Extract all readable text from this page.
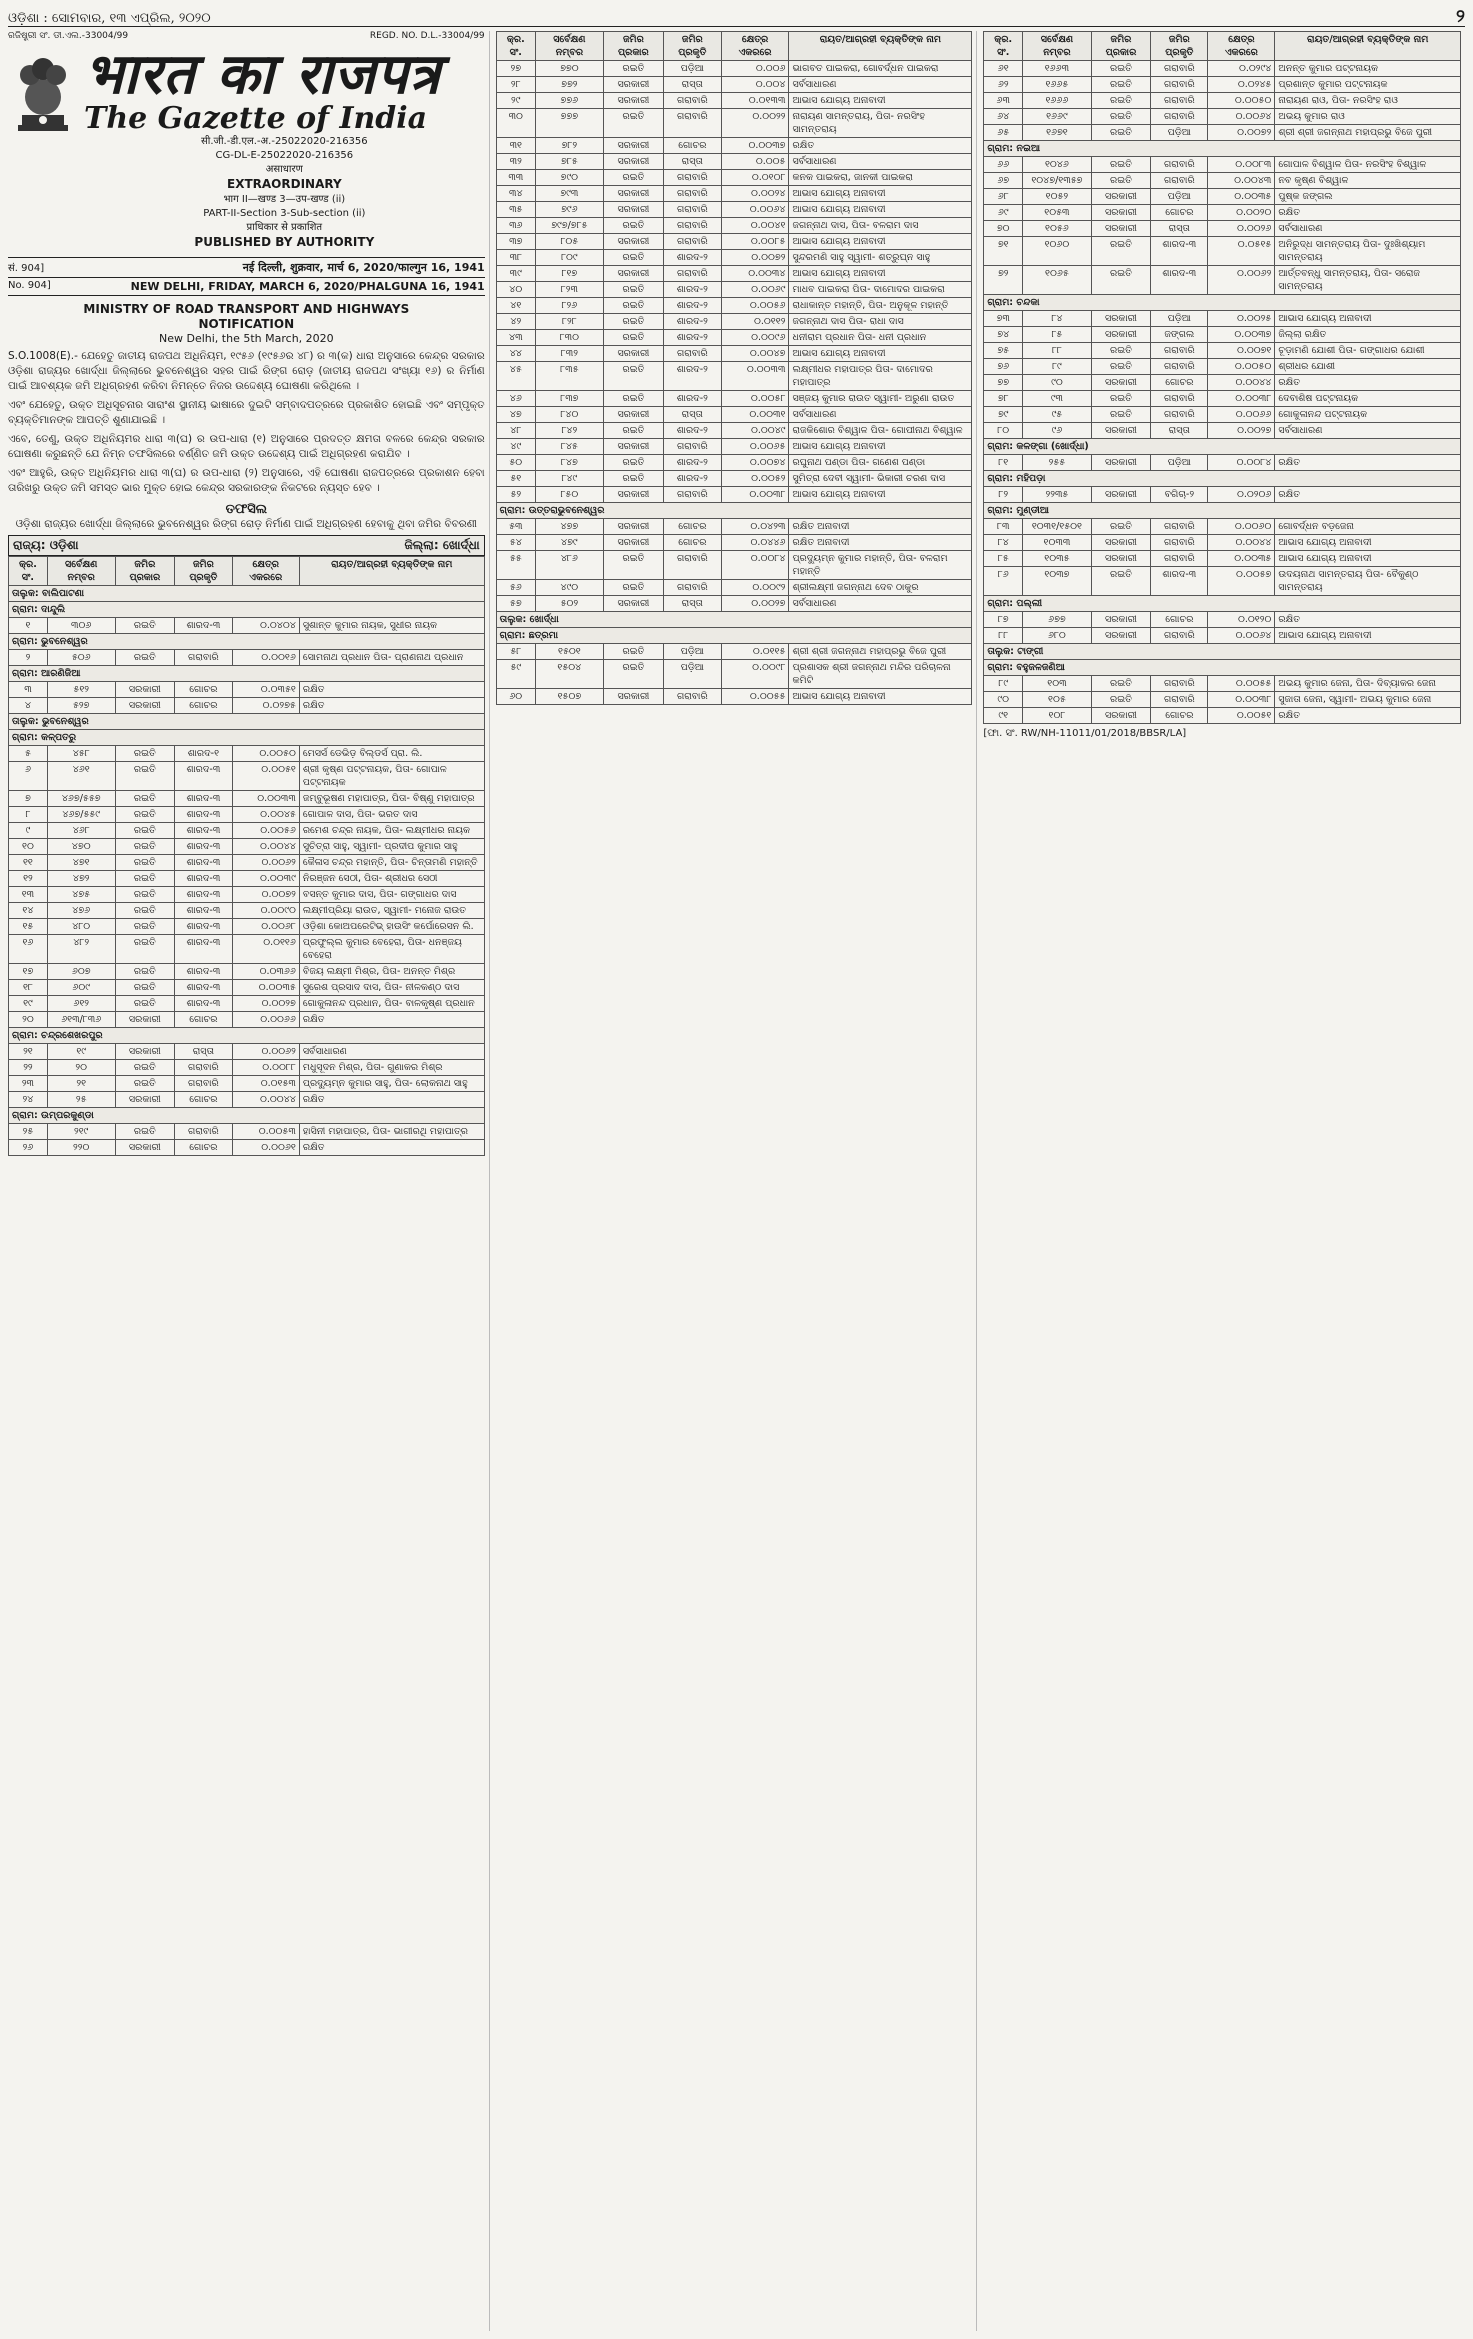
ଓଡ଼ିଶା : ସୋମବାର, ୧୩ ଏପ୍ରିଲ, ୨୦୨୦	୨
ରଜିଷ୍ଟ୍ରୀ ସଂ. ଡୀ.ଏଲ.-33004/99	REGD. NO. D.L.-33004/99
भारत का राजपत्र
The Gazette of India
सी.जी.-डी.एल.-अ.-25022020-216356
CG-DL-E-25022020-216356
असाधारण
EXTRAORDINARY
भाग II—खण्ड 3—उप-खण्ड (ii)
PART-II-Section 3-Sub-section (ii)
प्राधिकार से प्रकाशित
PUBLISHED BY AUTHORITY
सं. 904]	नई दिल्ली, शुक्रवार, मार्च 6, 2020/फाल्गुन 16, 1941
No. 904]	NEW DELHI, FRIDAY, MARCH 6, 2020/PHALGUNA 16, 1941
MINISTRY OF ROAD TRANSPORT AND HIGHWAYS
NOTIFICATION
New Delhi, the 5th March, 2020
S.O.1008(E).- ଯେହେତୁ ଜାତୀୟ ରାଜପଥ ଅଧିନିୟମ, ୧୯୫୬ (୧୯୫୬ର ୪୮) ର ୩(କ) ଧାରା ଅନୁସାରେ କେନ୍ଦ୍ର ସରକାର ଓଡ଼ିଶା ରାଜ୍ୟର ଖୋର୍ଦ୍ଧା ଜିଲ୍ଲାରେ ଭୁବନେଶ୍ୱର ସହର ପାଇଁ ରିଙ୍ଗ ରୋଡ଼ (ଜାତୀୟ ରାଜପଥ ସଂଖ୍ୟା ୧୬) ର ନିର୍ମାଣ ପାଇଁ ଆବଶ୍ୟକ ଜମି ଅଧିଗ୍ରହଣ କରିବା ନିମନ୍ତେ ନିଜର ଉଦ୍ଦେଶ୍ୟ ଘୋଷଣା କରିଥିଲେ ।
ଏବଂ ଯେହେତୁ, ଉକ୍ତ ଅଧିସୂଚନାର ସାରାଂଶ ସ୍ଥାନୀୟ ଭାଷାରେ ଦୁଇଟି ସମ୍ବାଦପତ୍ରରେ ପ୍ରକାଶିତ ହୋଇଛି ଏବଂ ସମ୍ପୃକ୍ତ ବ୍ୟକ୍ତିମାନଙ୍କ ଆପତ୍ତି ଶୁଣାଯାଇଛି ।
ଏବେ, ତେଣୁ, ଉକ୍ତ ଅଧିନିୟମର ଧାରା ୩(ଘ) ର ଉପ-ଧାରା (୧) ଅନୁସାରେ ପ୍ରଦତ୍ତ କ୍ଷମତା ବଳରେ କେନ୍ଦ୍ର ସରକାର ଘୋଷଣା କରୁଛନ୍ତି ଯେ ନିମ୍ନ ତଫସିଲରେ ବର୍ଣ୍ଣିତ ଜମି ଉକ୍ତ ଉଦ୍ଦେଶ୍ୟ ପାଇଁ ଅଧିଗ୍ରହଣ କରାଯିବ ।
ଏବଂ ଆହୁରି, ଉକ୍ତ ଅଧିନିୟମର ଧାରା ୩(ଘ) ର ଉପ-ଧାରା (୨) ଅନୁସାରେ, ଏହି ଘୋଷଣା ରାଜପତ୍ରରେ ପ୍ରକାଶନ ହେବା ତାରିଖରୁ ଉକ୍ତ ଜମି ସମସ୍ତ ଭାର ମୁକ୍ତ ହୋଇ କେନ୍ଦ୍ର ସରକାରଙ୍କ ନିକଟରେ ନ୍ୟସ୍ତ ହେବ ।
ତଫସିଲ
ଓଡ଼ିଶା ରାଜ୍ୟର ଖୋର୍ଦ୍ଧା ଜିଲ୍ଲାରେ ଭୁବନେଶ୍ୱର ରିଙ୍ଗ ରୋଡ଼ ନିର୍ମାଣ ପାଇଁ ଅଧିଗ୍ରହଣ ହେବାକୁ ଥିବା ଜମିର ବିବରଣୀ
ରାଜ୍ୟ: ଓଡ଼ିଶା	ଜିଲ୍ଲା: ଖୋର୍ଦ୍ଧା
କ୍ର. ସଂ.	ସର୍ବେକ୍ଷଣ ନମ୍ବର	ଜମିର ପ୍ରକାର	ଜମିର ପ୍ରକୃତି	କ୍ଷେତ୍ର ଏକରରେ	ରାୟତ/ଆଗ୍ରହୀ ବ୍ୟକ୍ତିଙ୍କ ନାମ
ତାଲୁକ: ବାଲିପାଟଣା					
ଗ୍ରାମ: ଦାନ୍ଦୁଲି					
୧	୩୦୬	ରଇତି	ଶାରଦ-୩	୦.୦୪୦୪	ସୁଶାନ୍ତ କୁମାର ନାୟକ, ସୁଧୀର ନାୟକ
ଗ୍ରାମ: ଭୁବନେଶ୍ୱର					
୨	୫୦୬	ରଇତି	ଗରାବାରି	୦.୦୦୧୬	ସୋମନାଥ ପ୍ରଧାନ ପିତା- ପ୍ରାଣନାଥ ପ୍ରଧାନ
ଗ୍ରାମ: ଆରଣିଜିଆ					
୩	୫୧୨	ସରକାରୀ	ଗୋଚର	୦.୦୩୫୧	ରକ୍ଷିତ
୪	୫୨୭	ସରକାରୀ	ଗୋଚର	୦.୦୨୭୫	ରକ୍ଷିତ
ତାଲୁକ: ଭୁବନେଶ୍ୱର					
ଗ୍ରାମ: କଳ୍ପତରୁ					
୫	୪୫୮	ରଇତି	ଶାରଦ-୧	୦.୦୦୫୦	ମେସର୍ସ ଡେଭିଡ଼ ବିଲ୍ଡର୍ସ ପ୍ରା. ଲି.
୬	୪୬୧	ରଇତି	ଶାରଦ-୩	୦.୦୦୫୧	ଶ୍ରୀ କୃଷ୍ଣ ପଟ୍ଟନାୟକ, ପିତା- ଗୋପାଳ ପଟ୍ଟନାୟକ
୭	୪୬୭/୫୫୭	ରଇତି	ଶାରଦ-୩	୦.୦୦୩୩	ଜମ୍ବୁଭୂଷଣ ମହାପାତ୍ର, ପିତା- ବିଷ୍ଣୁ ମହାପାତ୍ର
୮	୪୬୭/୫୫୯	ରଇତି	ଶାରଦ-୩	୦.୦୦୪୫	ଗୋପାଳ ଦାସ, ପିତା- ଭରତ ଦାସ
୯	୪୬୮	ରଇତି	ଶାରଦ-୩	୦.୦୦୫୬	ରମେଶ ଚନ୍ଦ୍ର ନାୟକ, ପିତା- ଲକ୍ଷ୍ମୀଧର ନାୟକ
୧୦	୪୭୦	ରଇତି	ଶାରଦ-୩	୦.୦୦୪୪	ସୁଚିତ୍ରା ସାହୁ, ସ୍ୱାମୀ- ପ୍ରଦୀପ କୁମାର ସାହୁ
୧୧	୪୭୧	ରଇତି	ଶାରଦ-୩	୦.୦୦୬୨	କୈଳାସ ଚନ୍ଦ୍ର ମହାନ୍ତି, ପିତା- ଚିନ୍ତାମଣି ମହାନ୍ତି
୧୨	୪୭୨	ରଇତି	ଶାରଦ-୩	୦.୦୦୩୯	ନିରଞ୍ଜନ ସେଠୀ, ପିତା- ଶ୍ରୀଧର ସେଠୀ
୧୩	୪୭୫	ରଇତି	ଶାରଦ-୩	୦.୦୦୭୨	ବସନ୍ତ କୁମାର ଦାସ, ପିତା- ଗଙ୍ଗାଧର ଦାସ
୧୪	୪୭୬	ରଇତି	ଶାରଦ-୩	୦.୦୦୯୦	ଲକ୍ଷ୍ମୀପ୍ରିୟା ରାଉତ, ସ୍ୱାମୀ- ମନୋଜ ରାଉତ
୧୫	୪୮୦	ରଇତି	ଶାରଦ-୩	୦.୦୦୬୮	ଓଡ଼ିଶା କୋଅପରେଟିଭ୍ ହାଉସିଂ କର୍ପୋରେସନ ଲି.
୧୬	୪୮୨	ରଇତି	ଶାରଦ-୩	୦.୦୧୧୬	ପ୍ରଫୁଲ୍ଲ କୁମାର ବେହେରା, ପିତା- ଧନଞ୍ଜୟ ବେହେରା
୧୭	୬୦୭	ରଇତି	ଶାରଦ-୩	୦.୦୩୬୬	ବିଜୟ ଲକ୍ଷ୍ମୀ ମିଶ୍ର, ପିତା- ଅନନ୍ତ ମିଶ୍ର
୧୮	୬୦୯	ରଇତି	ଶାରଦ-୩	୦.୦୦୩୫	ସୁରେଶ ପ୍ରସାଦ ଦାସ, ପିତା- ନୀଳକଣ୍ଠ ଦାସ
୧୯	୬୧୨	ରଇତି	ଶାରଦ-୩	୦.୦୦୨୭	ଗୋକୁଳାନନ୍ଦ ପ୍ରଧାନ, ପିତା- ବାଳକୃଷ୍ଣ ପ୍ରଧାନ
୨୦	୬୧୩/୮୩୬	ସରକାରୀ	ଗୋଚର	୦.୦୦୬୬	ରକ୍ଷିତ
ଗ୍ରାମ: ଚନ୍ଦ୍ରଶେଖରପୁର					
୨୧	୧୯	ସରକାରୀ	ରାସ୍ତା	୦.୦୦୬୨	ସର୍ବସାଧାରଣ
୨୨	୨୦	ରଇତି	ଗରାବାରି	୦.୦୦୮୮	ମଧୁସୂଦନ ମିଶ୍ର, ପିତା- ଗୁଣାକର ମିଶ୍ର
୨୩	୨୧	ରଇତି	ଗରାବାରି	୦.୦୧୫୩	ପ୍ରଦ୍ୟୁମ୍ନ କୁମାର ସାହୁ, ପିତା- ଲୋକନାଥ ସାହୁ
୨୪	୨୫	ସରକାରୀ	ଗୋଚର	୦.୦୦୪୪	ରକ୍ଷିତ
ଗ୍ରାମ: ଉମ୍ପରକୁଣ୍ଡା					
୨୫	୨୧୯	ରଇତି	ଗରାବାରି	୦.୦୦୫୩	ହାସିନୀ ମହାପାତ୍ର, ପିତା- ଭାଗୀରଥି ମହାପାତ୍ର
୨୬	୨୨୦	ସରକାରୀ	ଗୋଚର	୦.୦୦୬୧	ରକ୍ଷିତ
କ୍ର. ସଂ.	ସର୍ବେକ୍ଷଣ ନମ୍ବର	ଜମିର ପ୍ରକାର	ଜମିର ପ୍ରକୃତି	କ୍ଷେତ୍ର ଏକରରେ	ରାୟତ/ଆଗ୍ରହୀ ବ୍ୟକ୍ତିଙ୍କ ନାମ
୨୭	୭୭୦	ରଇତି	ପଡ଼ିଆ	୦.୦୦୬	ଭାଗବତ ପାଇକରା, ଗୋବର୍ଦ୍ଧନ ପାଇକରା
୨୮	୭୭୨	ସରକାରୀ	ରାସ୍ତା	୦.୦୦୪	ସର୍ବସାଧାରଣ
୨୯	୭୭୬	ସରକାରୀ	ଗରାବାରି	୦.୦୧୩୩	ଆଭାସ ଯୋଗ୍ୟ ଅନାବାଦୀ
୩୦	୭୭୭	ରଇତି	ଗରାବାରି	୦.୦୦୨୨	ନାରାୟଣ ସାମନ୍ତରାୟ, ପିତା- ନରସିଂହ ସାମନ୍ତରାୟ
୩୧	୭୮୨	ସରକାରୀ	ଗୋଚର	୦.୦୦୩୭	ରକ୍ଷିତ
୩୨	୭୮୫	ସରକାରୀ	ରାସ୍ତା	୦.୦୦୫	ସର୍ବସାଧାରଣ
୩୩	୭୯୦	ରଇତି	ଗରାବାରି	୦.୦୧୦୮	କନକ ପାଇକରା, ଜାନକୀ ପାଇକରା
୩୪	୭୯୩	ସରକାରୀ	ଗରାବାରି	୦.୦୦୨୪	ଆଭାସ ଯୋଗ୍ୟ ଅନାବାଦୀ
୩୫	୭୯୬	ସରକାରୀ	ଗରାବାରି	୦.୦୦୬୪	ଆଭାସ ଯୋଗ୍ୟ ଅନାବାଦୀ
୩୬	୭୯୭/୭୮୫	ରଇତି	ଗରାବାରି	୦.୦୦୪୧	ଜଗନ୍ନାଥ ଦାସ, ପିତା- ବଳରାମ ଦାସ
୩୭	୮୦୫	ସରକାରୀ	ଗରାବାରି	୦.୦୦୮୫	ଆଭାସ ଯୋଗ୍ୟ ଅନାବାଦୀ
୩୮	୮୦୯	ରଇତି	ଶାରଦ-୨	୦.୦୦୭୨	ସୁନ୍ଦରମଣି ସାହୁ ସ୍ୱାମୀ- ଶତ୍ରୁଘ୍ନ ସାହୁ
୩୯	୮୧୭	ସରକାରୀ	ଗରାବାରି	୦.୦୦୩୪	ଆଭାସ ଯୋଗ୍ୟ ଅନାବାଦୀ
୪୦	୮୨୩	ରଇତି	ଶାରଦ-୨	୦.୦୦୬୯	ମାଧବ ପାଇକରା ପିତା- ଦାମୋଦର ପାଇକରା
୪୧	୮୨୬	ରଇତି	ଶାରଦ-୨	୦.୦୦୫୬	ରାଧାକାନ୍ତ ମହାନ୍ତି, ପିତା- ଅନୁକୂଳ ମହାନ୍ତି
୪୨	୮୨୮	ରଇତି	ଶାରଦ-୨	୦.୦୧୧୨	ଜଗନ୍ନାଥ ଦାସ ପିତା- ରାଧା ଦାସ
୪୩	୮୩୦	ରଇତି	ଶାରଦ-୨	୦.୦୦୯୬	ଧନୀରାମ ପ୍ରଧାନ ପିତା- ଧନୀ ପ୍ରଧାନ
୪୪	୮୩୨	ସରକାରୀ	ଗରାବାରି	୦.୦୦୪୭	ଆଭାସ ଯୋଗ୍ୟ ଅନାବାଦୀ
୪୫	୮୩୫	ରଇତି	ଶାରଦ-୨	୦.୦୦୩୩	ଲକ୍ଷ୍ମୀଧର ମହାପାତ୍ର ପିତା- ଦାମୋଦର ମହାପାତ୍ର
୪୬	୮୩୭	ରଇତି	ଶାରଦ-୨	୦.୦୦୫୮	ସଞ୍ଜୟ କୁମାର ରାଉତ ସ୍ୱାମୀ- ଅରୁଣା ରାଉତ
୪୭	୮୪୦	ସରକାରୀ	ରାସ୍ତା	୦.୦୦୩୧	ସର୍ବସାଧାରଣ
୪୮	୮୪୨	ରଇତି	ଶାରଦ-୨	୦.୦୦୪୯	ରାଜକିଶୋର ବିଶ୍ୱାଳ ପିତା- ଗୋପୀନାଥ ବିଶ୍ୱାଳ
୪୯	୮୪୫	ସରକାରୀ	ଗରାବାରି	୦.୦୦୬୫	ଆଭାସ ଯୋଗ୍ୟ ଅନାବାଦୀ
୫୦	୮୪୭	ରଇତି	ଶାରଦ-୨	୦.୦୦୭୪	ରଘୁନାଥ ପଣ୍ଡା ପିତା- ଗଣେଶ ପଣ୍ଡା
୫୧	୮୪୯	ରଇତି	ଶାରଦ-୨	୦.୦୦୫୨	ସୁମିତ୍ରା ଦେବୀ ସ୍ୱାମୀ- ଭିକାରୀ ଚରଣ ଦାସ
୫୨	୮୫୦	ସରକାରୀ	ଗରାବାରି	୦.୦୦୩୮	ଆଭାସ ଯୋଗ୍ୟ ଅନାବାଦୀ
ଗ୍ରାମ: ଉତ୍ତରାଭୁବନେଶ୍ୱର					
୫୩	୪୭୭	ସରକାରୀ	ଗୋଚର	୦.୦୪୨୩	ରକ୍ଷିତ ଅନାବାଦୀ
୫୪	୪୭୯	ସରକାରୀ	ଗୋଚର	୦.୦୪୪୬	ରକ୍ଷିତ ଅନାବାଦୀ
୫୫	୪୮୬	ରଇତି	ଗରାବାରି	୦.୦୦୮୪	ପ୍ରଦ୍ୟୁମ୍ନ କୁମାର ମହାନ୍ତି, ପିତା- ବଳରାମ ମହାନ୍ତି
୫୬	୪୯୦	ରଇତି	ଗରାବାରି	୦.୦୦୯୨	ଶ୍ରୀଲକ୍ଷ୍ମୀ ଜଗନ୍ନାଥ ଦେବ ଠାକୁର
୫୭	୫୦୨	ସରକାରୀ	ରାସ୍ତା	୦.୦୦୨୭	ସର୍ବସାଧାରଣ
ତାଲୁକ: ଖୋର୍ଦ୍ଧା					
ଗ୍ରାମ: ଛତ୍ରମା					
୫୮	୧୫୦୧	ରଇତି	ପଡ଼ିଆ	୦.୦୧୧୫	ଶ୍ରୀ ଶ୍ରୀ ଜଗନ୍ନାଥ ମହାପ୍ରଭୁ ବିଜେ ପୁରୀ
୫୯	୧୫୦୪	ରଇତି	ପଡ଼ିଆ	୦.୦୦୯୮	ପ୍ରଶାସକ ଶ୍ରୀ ଜଗନ୍ନାଥ ମନ୍ଦିର ପରିଚାଳନା କମିଟି
୬୦	୧୫୦୭	ସରକାରୀ	ଗରାବାରି	୦.୦୦୫୫	ଆଭାସ ଯୋଗ୍ୟ ଅନାବାଦୀ
କ୍ର. ସଂ.	ସର୍ବେକ୍ଷଣ ନମ୍ବର	ଜମିର ପ୍ରକାର	ଜମିର ପ୍ରକୃତି	କ୍ଷେତ୍ର ଏକରରେ	ରାୟତ/ଆଗ୍ରହୀ ବ୍ୟକ୍ତିଙ୍କ ନାମ
୬୧	୧୬୬୩	ରଇତି	ଗରାବାରି	୦.୦୨୯୪	ଅନନ୍ତ କୁମାର ପଟ୍ଟନାୟକ
୬୨	୧୬୬୫	ରଇତି	ଗରାବାରି	୦.୦୨୪୫	ପ୍ରଶାନ୍ତ କୁମାର ପଟ୍ଟନାୟକ
୬୩	୧୬୬୬	ରଇତି	ଗରାବାରି	୦.୦୦୫୦	ନାରାୟଣ ରାଓ, ପିତା- ନରସିଂହ ରାଓ
୬୪	୧୬୬୯	ରଇତି	ଗରାବାରି	୦.୦୦୬୪	ଅଭୟ କୁମାର ରାଓ
୬୫	୧୬୭୧	ରଇତି	ପଡ଼ିଆ	୦.୦୦୭୨	ଶ୍ରୀ ଶ୍ରୀ ଜଗନ୍ନାଥ ମହାପ୍ରଭୁ ବିଜେ ପୁରୀ
ଗ୍ରାମ: ନଇଆ					
୬୬	୧୦୪୬	ରଇତି	ଗରାବାରି	୦.୦୦୮୩	ଗୋପାଳ ବିଶ୍ୱାଳ ପିତା- ନରସିଂହ ବିଶ୍ୱାଳ
୬୭	୧୦୪୭/୧୩୫୭	ରଇତି	ଗରାବାରି	୦.୦୦୪୩	ନବ କୃଷ୍ଣ ବିଶ୍ୱାଳ
୬୮	୧୦୫୨	ସରକାରୀ	ପଡ଼ିଆ	୦.୦୦୩୫	ପୁଷ୍କ ଜଙ୍ଗଲ
୬୯	୧୦୫୩	ସରକାରୀ	ଗୋଚର	୦.୦୦୨୦	ରକ୍ଷିତ
୭୦	୧୦୫୬	ସରକାରୀ	ରାସ୍ତା	୦.୦୦୨୬	ସର୍ବସାଧାରଣ
୭୧	୧୦୬୦	ରଇତି	ଶାରଦ-୩	୦.୦୫୧୫	ଅନିରୁଦ୍ଧ ସାମନ୍ତରାୟ ପିତା- ଦୁଃଖିଶ୍ୟାମ ସାମନ୍ତରାୟ
୭୨	୧୦୬୫	ରଇତି	ଶାରଦ-୩	୦.୦୦୬୨	ଆର୍ତ୍ତବନ୍ଧୁ ସାମନ୍ତରାୟ, ପିତା- ସରୋଜ ସାମନ୍ତରାୟ
ଗ୍ରାମ: ଚନ୍ଦକା					
୭୩	୮୪	ସରକାରୀ	ପଡ଼ିଆ	୦.୦୦୨୫	ଆଭାସ ଯୋଗ୍ୟ ଅନାବାଦୀ
୭୪	୮୫	ସରକାରୀ	ଜଙ୍ଗଲ	୦.୦୦୩୭	ଜିଲ୍ଲା ରକ୍ଷିତ
୭୫	୮୮	ରଇତି	ଗରାବାରି	୦.୦୦୭୧	ଚୂଡ଼ାମଣି ଯୋଶୀ ପିତା- ଗଙ୍ଗାଧର ଯୋଶୀ
୭୬	୮୯	ରଇତି	ଗରାବାରି	୦.୦୦୫୦	ଶ୍ରୀଧର ଯୋଶୀ
୭୭	୯୦	ସରକାରୀ	ଗୋଚର	୦.୦୦୪୪	ରକ୍ଷିତ
୭୮	୯୩	ରଇତି	ଗରାବାରି	୦.୦୦୩୮	ଦେବାଶିଷ ପଟ୍ଟନାୟକ
୭୯	୯୫	ରଇତି	ଗରାବାରି	୦.୦୦୬୬	ଗୋକୁଳାନନ୍ଦ ପଟ୍ଟନାୟକ
୮୦	୯୬	ସରକାରୀ	ରାସ୍ତା	୦.୦୦୨୭	ସର୍ବସାଧାରଣ
ଗ୍ରାମ: କଳଙ୍ଗା (ଖୋର୍ଦ୍ଧା)					
୮୧	୨୫୫	ସରକାରୀ	ପଡ଼ିଆ	୦.୦୦୮୪	ରକ୍ଷିତ
ଗ୍ରାମ: ମହିପଡ଼ା					
୮୨	୨୨୩୫	ସରକାରୀ	ବଗିଚା-୨	୦.୦୨୦୬	ରକ୍ଷିତ
ଗ୍ରାମ: ମୁଣ୍ଡୀଆ					
୮୩	୧୦୩୧/୧୫୦୧	ରଇତି	ଗରାବାରି	୦.୦୦୬୦	ଗୋବର୍ଦ୍ଧନ ବଡ଼ଜେନା
୮୪	୧୦୩୩	ସରକାରୀ	ଗରାବାରି	୦.୦୦୪୪	ଆଭାସ ଯୋଗ୍ୟ ଅନାବାଦୀ
୮୫	୧୦୩୫	ସରକାରୀ	ଗରାବାରି	୦.୦୦୩୫	ଆଭାସ ଯୋଗ୍ୟ ଅନାବାଦୀ
୮୬	୧୦୩୭	ରଇତି	ଶାରଦ-୩	୦.୦୦୫୭	ଉଦୟନାଥ ସାମନ୍ତରାୟ ପିତା- ବୈକୁଣ୍ଠ ସାମନ୍ତରାୟ
ଗ୍ରାମ: ପଲ୍ଲୀ					
୮୭	୬୭୭	ସରକାରୀ	ଗୋଚର	୦.୦୧୨୦	ରକ୍ଷିତ
୮୮	୬୮୦	ସରକାରୀ	ଗରାବାରି	୦.୦୦୬୪	ଆଭାସ ଯୋଗ୍ୟ ଅନାବାଦୀ
ତାଲୁକ: ଟାଙ୍ଗୀ					
ଗ୍ରାମ: ବହୁଜଳଜଣିଆ					
୮୯	୧୦୩	ରଇତି	ଗରାବାରି	୦.୦୦୫୫	ଅଭୟ କୁମାର ଜେନା, ପିତା- ଦିବ୍ୟାକର ଜେନା
୯୦	୧୦୫	ରଇତି	ଗରାବାରି	୦.୦୦୩୮	ସୁଜାତା ଜେନା, ସ୍ୱାମୀ- ଅଭୟ କୁମାର ଜେନା
୯୧	୧୦୮	ସରକାରୀ	ଗୋଚର	୦.୦୦୫୧	ରକ୍ଷିତ
[ଫା. ସଂ. RW/NH-11011/01/2018/BBSR/LA]
